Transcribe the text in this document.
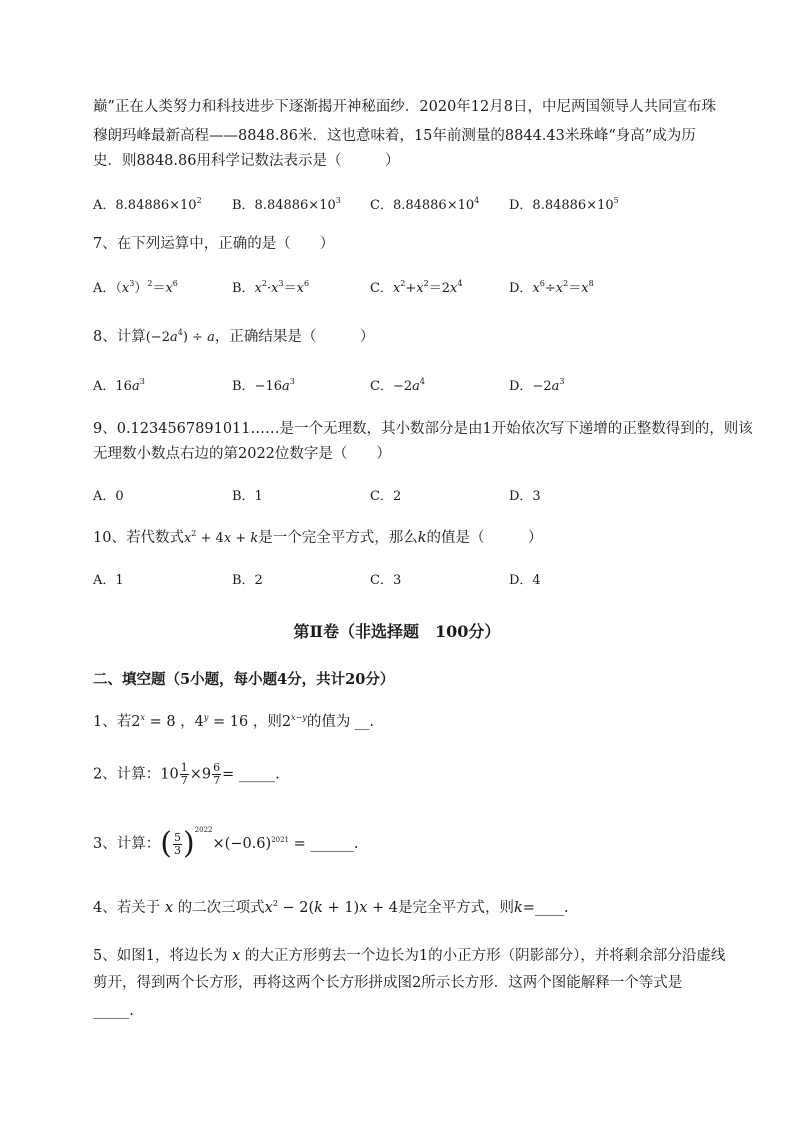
巅”正在人类努力和科技进步下逐渐揭开神秘面纱．2020年12月8日，中尼两国领导人共同宣布珠
穆朗玛峰最新高程——8848.86米．这也意味着，15年前测量的8844.43米珠峰“身高”成为历
史．则8848.86用科学记数法表示是（　　　）
A．$8.84886\times 10^2$ B．$8.84886\times 10^3$ C．$8.84886\times 10^4$ D．$8.84886\times 10^5$
7、在下列运算中，正确的是（　　）
A．$(x^3)^2=x^6$	B．$x^2\cdot x^3=x^6$	C．$x^2+x^2=2x^4$	D．$x^6\div x^2=x^8$
8、计算$(-2a^4) \div a$，正确结果是（　　　）
A．$16a^3$	B．$-16a^3$	C．$-2a^4$	D．$-2a^3$
9、0.1234567891011……是一个无理数，其小数部分是由1开始依次写下递增的正整数得到的，则该
无理数小数点右边的第2022位数字是（　　）
A．0	B．1	C．2	D．3
10、若代数式$x^2 + 4x + k$是一个完全平方式，那么k的值是（　　　）
A．1	B．2	C．3	D．4
第Ⅱ卷（非选择题　100分）
二、填空题（5小题，每小题4分，共计20分）
1、若$2^x = 8$ ，$4^y = 16$ ，则$2^{x-y}$的值为 __.
2、计算：$10 \frac{1}{7} \times 9 \frac{6}{7}$ = _____.
3、计算：( $\frac{5}{3} )^{2022}\times(-0.6)^{2021}$ = ______.
4、若关于 x 的二次三项式$x^2 - 2(k + 1)x + 4$是完全平方式，则k=____.
5、如图1，将边长为 x 的大正方形剪去一个边长为1的小正方形（阴影部分），并将剩余部分沿虚线
剪开，得到两个长方形，再将这两个长方形拼成图2所示长方形．这两个图能解释一个等式是
_____.
